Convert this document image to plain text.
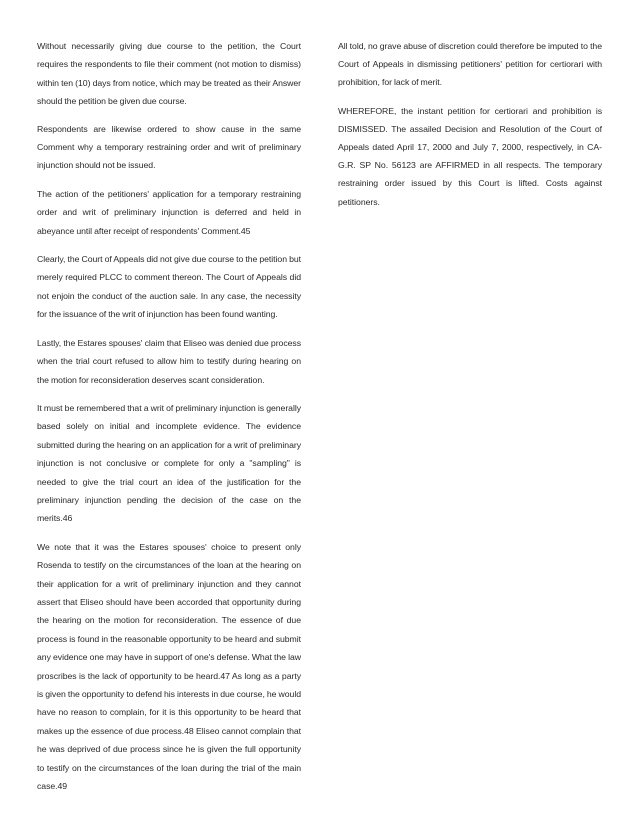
Without necessarily giving due course to the petition, the Court requires the respondents to file their comment (not motion to dismiss) within ten (10) days from notice, which may be treated as their Answer should the petition be given due course.

Respondents are likewise ordered to show cause in the same Comment why a temporary restraining order and writ of preliminary injunction should not be issued.

The action of the petitioners' application for a temporary restraining order and writ of preliminary injunction is deferred and held in abeyance until after receipt of respondents' Comment.45

Clearly, the Court of Appeals did not give due course to the petition but merely required PLCC to comment thereon. The Court of Appeals did not enjoin the conduct of the auction sale. In any case, the necessity for the issuance of the writ of injunction has been found wanting.

Lastly, the Estares spouses' claim that Eliseo was denied due process when the trial court refused to allow him to testify during hearing on the motion for reconsideration deserves scant consideration.

It must be remembered that a writ of preliminary injunction is generally based solely on initial and incomplete evidence. The evidence submitted during the hearing on an application for a writ of preliminary injunction is not conclusive or complete for only a "sampling" is needed to give the trial court an idea of the justification for the preliminary injunction pending the decision of the case on the merits.46

We note that it was the Estares spouses' choice to present only Rosenda to testify on the circumstances of the loan at the hearing on their application for a writ of preliminary injunction and they cannot assert that Eliseo should have been accorded that opportunity during the hearing on the motion for reconsideration. The essence of due process is found in the reasonable opportunity to be heard and submit any evidence one may have in support of one's defense. What the law proscribes is the lack of opportunity to be heard.47 As long as a party is given the opportunity to defend his interests in due course, he would have no reason to complain, for it is this opportunity to be heard that makes up the essence of due process.48 Eliseo cannot complain that he was deprived of due process since he is given the full opportunity to testify on the circumstances of the loan during the trial of the main case.49

All told, no grave abuse of discretion could therefore be imputed to the Court of Appeals in dismissing petitioners' petition for certiorari with prohibition, for lack of merit.

WHEREFORE, the instant petition for certiorari and prohibition is DISMISSED. The assailed Decision and Resolution of the Court of Appeals dated April 17, 2000 and July 7, 2000, respectively, in CA-G.R. SP No. 56123 are AFFIRMED in all respects. The temporary restraining order issued by this Court is lifted. Costs against petitioners.
